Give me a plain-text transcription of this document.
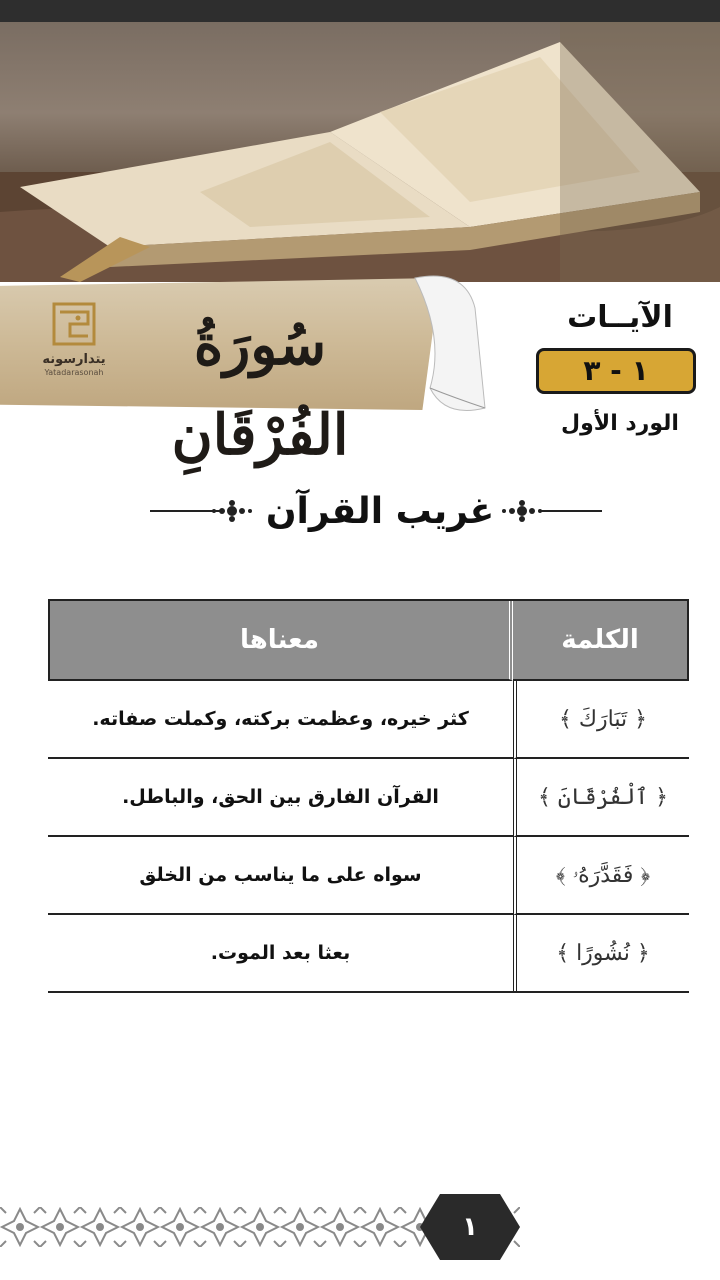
يتدارسونه
Yatadarasonah	سُورَةُ الفُرْقَانِ
الآيــات
١ - ٣
الورد الأول
غريب القرآن
الكلمة	معناها
﴿ تَبَارَكَ ﴾	كثر خيره، وعظمت بركته، وكملت صفاته.
﴿ ٱلْفُرْقَانَ ﴾	القرآن الفارق بين الحق، والباطل.
﴿ فَقَدَّرَهُۥ ﴾	سواه على ما يناسب من الخلق
﴿ نُشُورًا ﴾	بعثا بعد الموت.
١
